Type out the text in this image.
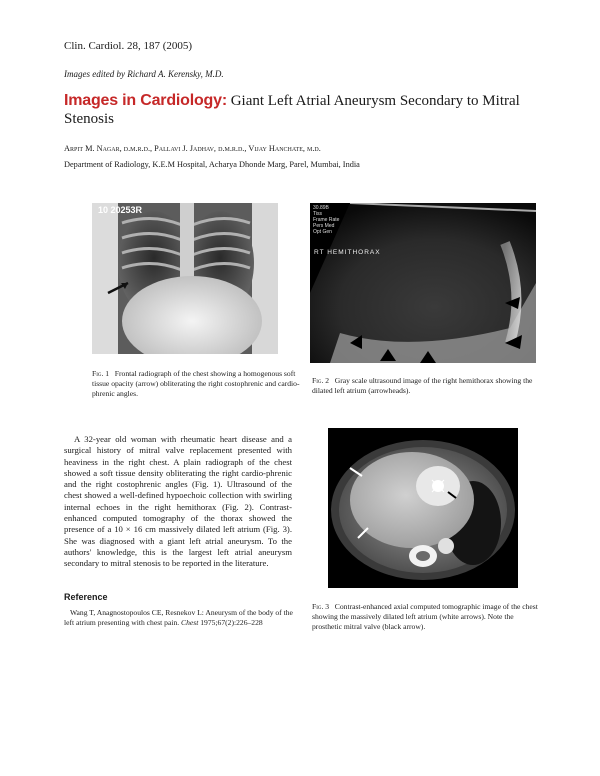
Clin. Cardiol. 28, 187 (2005)
Images edited by Richard A. Kerensky, M.D.
Images in Cardiology: Giant Left Atrial Aneurysm Secondary to Mitral Stenosis
Arpit M. Nagar, d.m.r.d., Pallavi J. Jadhav, d.m.r.d., Vijay Hanchate, m.d.
Department of Radiology, K.E.M Hospital, Acharya Dhonde Marg, Parel, Mumbai, India
10 20253R	30.89B
Tiss
Frame Rate
Pers Med
Opt Gen
RT HEMITHORAX
Fig. 1 Frontal radiograph of the chest showing a homogenous soft tissue opacity (arrow) obliterating the right costophrenic and cardio-phrenic angles.
Fig. 2 Gray scale ultrasound image of the right hemithorax showing the dilated left atrium (arrowheads).
A 32-year old woman with rheumatic heart disease and a surgical history of mitral valve replacement presented with heaviness in the right chest. A plain radiograph of the chest showed a soft tissue density obliterating the right cardio-phrenic and the right costophrenic angles (Fig. 1). Ultrasound of the chest showed a well-defined hypoechoic collection with swirling internal echoes in the right hemithorax (Fig. 2). Contrast-enhanced computed tomography of the thorax showed the presence of a 10 × 16 cm massively dilated left atrium (Fig. 3). She was diagnosed with a giant left atrial aneurysm. To the authors' knowledge, this is the largest left atrial aneurysm secondary to mitral stenosis to be reported in the literature.
Reference
Wang T, Anagnostopoulos CE, Resnekov L: Aneurysm of the body of the left atrium presenting with chest pain. Chest 1975;67(2):226–228
Fig. 3 Contrast-enhanced axial computed tomographic image of the chest showing the massively dilated left atrium (white arrows). Note the prosthetic mitral valve (black arrow).
